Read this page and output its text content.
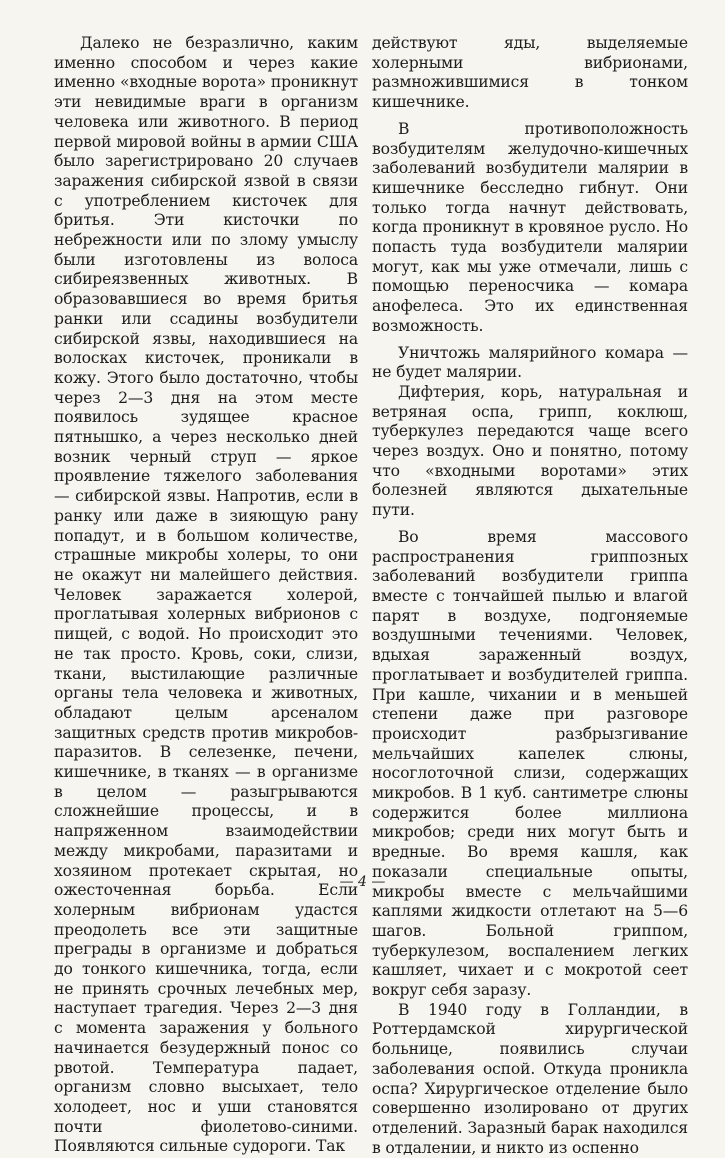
Далеко не безразлично, каким именно способом и через какие именно «входные ворота» проникнут эти невидимые враги в организм человека или животного. В период первой мировой войны в армии США было зарегистрировано 20 случаев заражения сибирской язвой в связи с употреблением кисточек для бритья. Эти кисточки по небрежности или по злому умыслу были изготовлены из волоса сибиреязвенных животных. В образовавшиеся во время бритья ранки или ссадины возбудители сибирской язвы, находившиеся на волосках кисточек, проникали в кожу. Этого было достаточно, чтобы через 2—3 дня на этом месте появилось зудящее красное пятнышко, а через несколько дней возник черный струп — яркое проявление тяжелого заболевания — сибирской язвы. Напротив, если в ранку или даже в зияющую рану попадут, и в большом количестве, страшные микробы холеры, то они не окажут ни малейшего действия. Человек заражается холерой, проглатывая холерных вибрионов с пищей, с водой. Но происходит это не так просто. Кровь, соки, слизи, ткани, выстилающие различные органы тела человека и животных, обладают целым арсеналом защитных средств против микробов-паразитов. В селезенке, печени, кишечнике, в тканях — в организме в целом — разыгрываются сложнейшие процессы, и в напряженном взаимодействии между микробами, паразитами и хозяином протекает скрытая, но ожесточенная борьба. Если холерным вибрионам удастся преодолеть все эти защитные преграды в организме и добраться до тонкого кишечника, тогда, если не принять срочных лечебных мер, наступает трагедия. Через 2—3 дня с момента заражения у больного начинается безудержный понос со рвотой. Температура падает, организм словно высыхает, тело холодеет, нос и уши становятся почти фиолетово-синими. Появляются сильные судороги. Так

действуют яды, выделяемые холерными вибрионами, размножившимися в тонком кишечнике.

В противоположность возбудителям желудочно-кишечных заболеваний возбудители малярии в кишечнике бесследно гибнут. Они только тогда начнут действовать, когда проникнут в кровяное русло. Но попасть туда возбудители малярии могут, как мы уже отмечали, лишь с помощью переносчика — комара анофелеса. Это их единственная возможность.

Уничтожь малярийного комара — не будет малярии.

Дифтерия, корь, натуральная и ветряная оспа, грипп, коклюш, туберкулез передаются чаще всего через воздух. Оно и понятно, потому что «входными воротами» этих болезней являются дыхательные пути.

Во время массового распространения гриппозных заболеваний возбудители гриппа вместе с тончайшей пылью и влагой парят в воздухе, подгоняемые воздушными течениями. Человек, вдыхая зараженный воздух, проглатывает и возбудителей гриппа. При кашле, чихании и в меньшей степени даже при разговоре происходит разбрызгивание мельчайших капелек слюны, носоглоточной слизи, содержащих микробов. В 1 куб. сантиметре слюны содержится более миллиона микробов; среди них могут быть и вредные. Во время кашля, как показали специальные опыты, микробы вместе с мельчайшими каплями жидкости отлетают на 5—6 шагов. Больной гриппом, туберкулезом, воспалением легких кашляет, чихает и с мокротой сеет вокруг себя заразу.

В 1940 году в Голландии, в Роттердамской хирургической больнице, появились случаи заболевания оспой. Откуда проникла оспа? Хирургическое отделение было совершенно изолировано от других отделений. Заразный барак находился в отдалении, и никто из оспенно

— 4 —
